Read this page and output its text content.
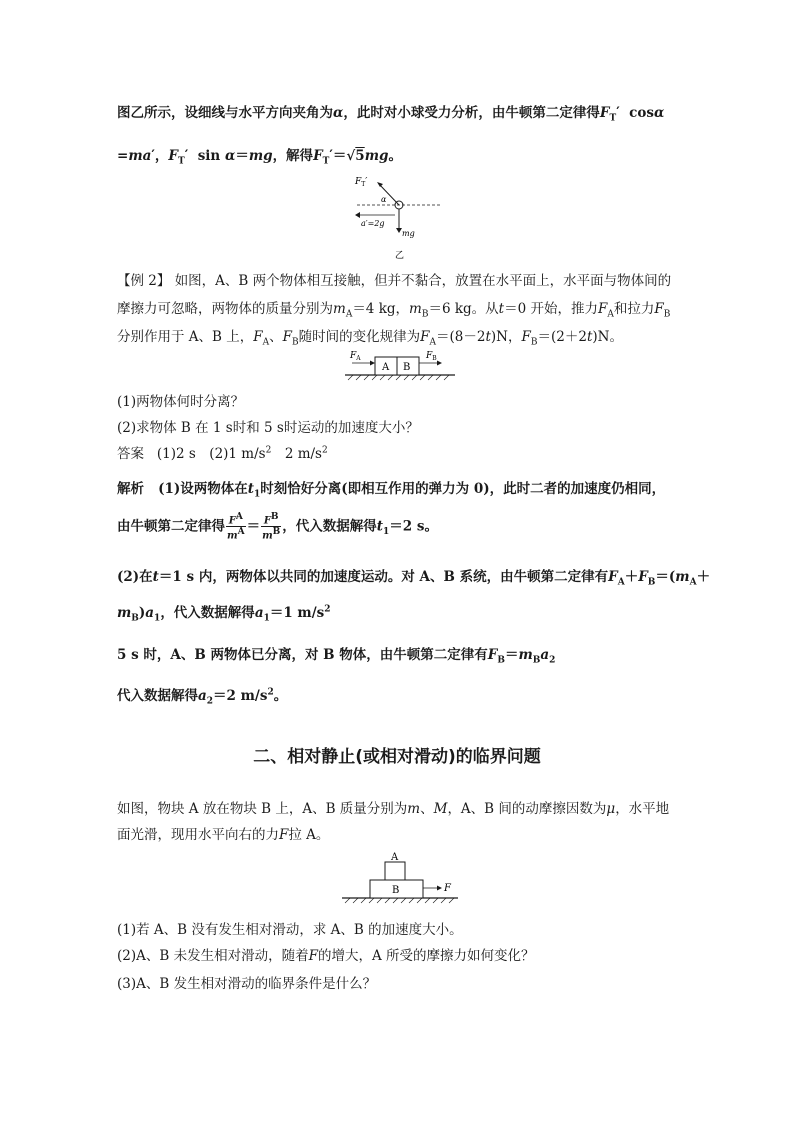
图乙所示，设细线与水平方向夹角为α，此时对小球受力分析，由牛顿第二定律得$F_T'$ cosα
=ma′，$F_T'$ sin α＝mg，解得$F_T'=√5mg$。
$F_T'$
α
a′=2g
mg
乙
【例 2】 如图，A、B 两个物体相互接触，但并不黏合，放置在水平面上，水平面与物体间的
摩擦力可忽略，两物体的质量分别为$m_A=4$ kg，$m_B=6$ kg。从t＝0 开始，推力$F_A$和拉力$F_B$
分别作用于 A、B 上，$F_A$、$F_B$随时间的变化规律为$F_A=(8-2t)N$，$F_B=(2+2t)N$。
A B
$F_A$	$F_B$
(1)两物体何时分离？
(2)求物体 B 在 1 s时和 5 s时运动的加速度大小？
答案 (1)2 s　(2)1 $m/s^2$　2 $m/s^2$
解析 (1)设两物体在$t_1$时刻恰好分离(即相互作用的弹力为 0)，此时二者的加速度仍相同，
由牛顿第二定律得 $\frac{F^A}{m^A} = \frac{F^B}{m^B}$ ，代入数据解得$t_1=2$ s。
(2)在t＝1 s 内，两物体以共同的加速度运动。对 A、B 系统，由牛顿第二定律有$F_A+F_B=(m_A+$
$m_B)a_1$，代入数据解得$a_1=1$ $m/s^2$
5 s 时，A、B 两物体已分离，对 B 物体，由牛顿第二定律有$F_B=m_Ba_2$
代入数据解得$a_2=2$ $m/s^2$。
二、相对静止(或相对滑动)的临界问题
如图，物块 A 放在物块 B 上，A、B 质量分别为m、M，A、B 间的动摩擦因数为μ，水平地
面光滑，现用水平向右的力F拉 A。
A
B	F
(1)若 A、B 没有发生相对滑动，求 A、B 的加速度大小。
(2)A、B 未发生相对滑动，随着F的增大，A 所受的摩擦力如何变化？
(3)A、B 发生相对滑动的临界条件是什么？
